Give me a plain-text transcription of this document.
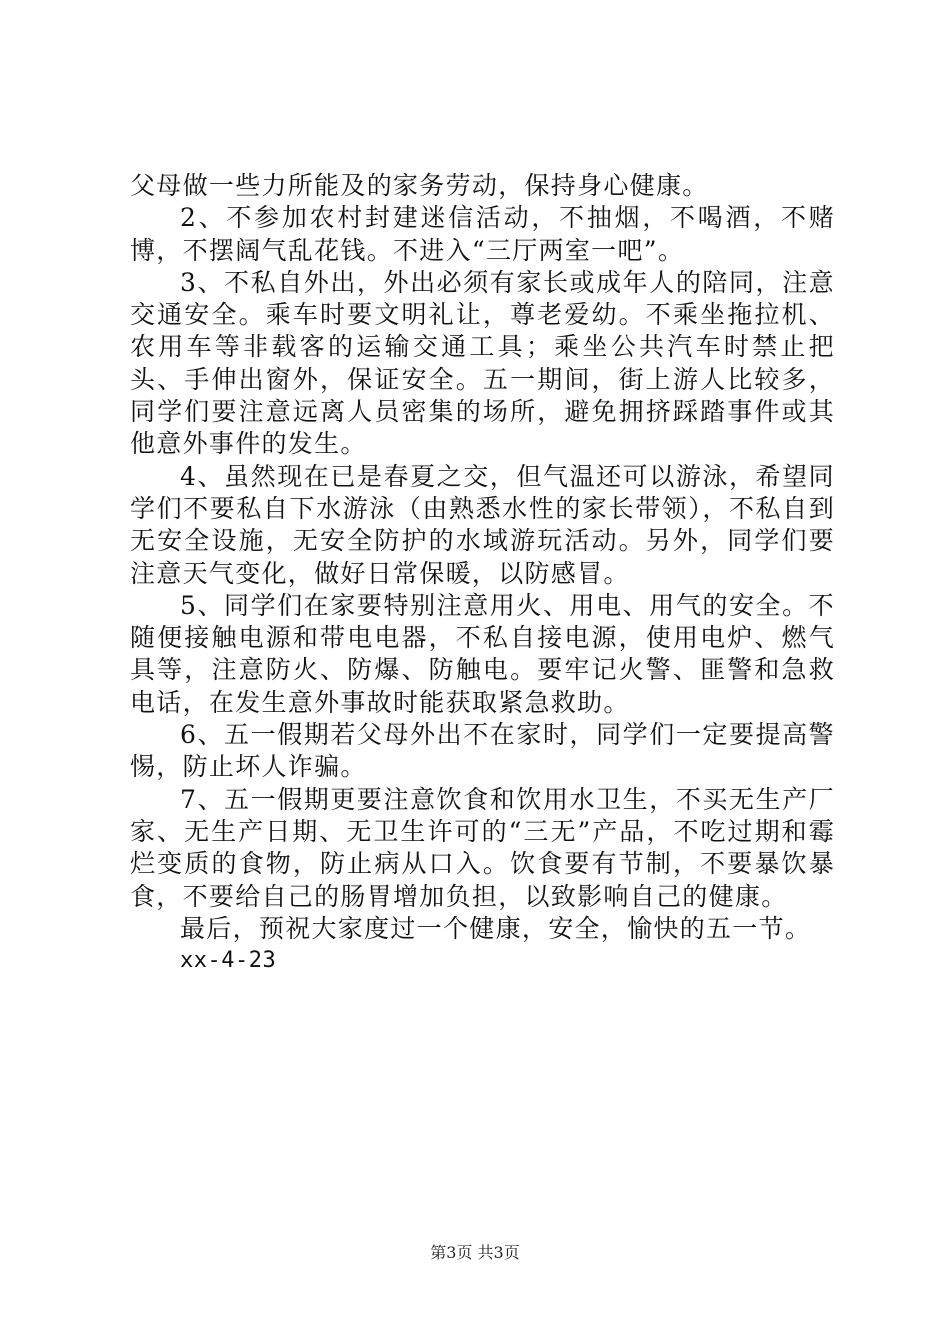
父母做一些力所能及的家务劳动，保持身心健康。

2、不参加农村封建迷信活动，不抽烟，不喝酒，不赌博，不摆阔气乱花钱。不进入“三厅两室一吧”。

3、不私自外出，外出必须有家长或成年人的陪同，注意交通安全。乘车时要文明礼让，尊老爱幼。不乘坐拖拉机、农用车等非载客的运输交通工具；乘坐公共汽车时禁止把头、手伸出窗外，保证安全。五一期间，街上游人比较多，同学们要注意远离人员密集的场所，避免拥挤踩踏事件或其他意外事件的发生。

4、虽然现在已是春夏之交，但气温还可以游泳，希望同学们不要私自下水游泳（由熟悉水性的家长带领），不私自到无安全设施，无安全防护的水域游玩活动。另外，同学们要注意天气变化，做好日常保暖，以防感冒。

5、同学们在家要特别注意用火、用电、用气的安全。不随便接触电源和带电电器，不私自接电源，使用电炉、燃气具等，注意防火、防爆、防触电。要牢记火警、匪警和急救电话，在发生意外事故时能获取紧急救助。

6、五一假期若父母外出不在家时，同学们一定要提高警惕，防止坏人诈骗。

7、五一假期更要注意饮食和饮用水卫生，不买无生产厂家、无生产日期、无卫生许可的“三无”产品，不吃过期和霉烂变质的食物，防止病从口入。饮食要有节制，不要暴饮暴食，不要给自己的肠胃增加负担，以致影响自己的健康。

最后，预祝大家度过一个健康，安全，愉快的五一节。

xx-4-23

第3页 共3页
